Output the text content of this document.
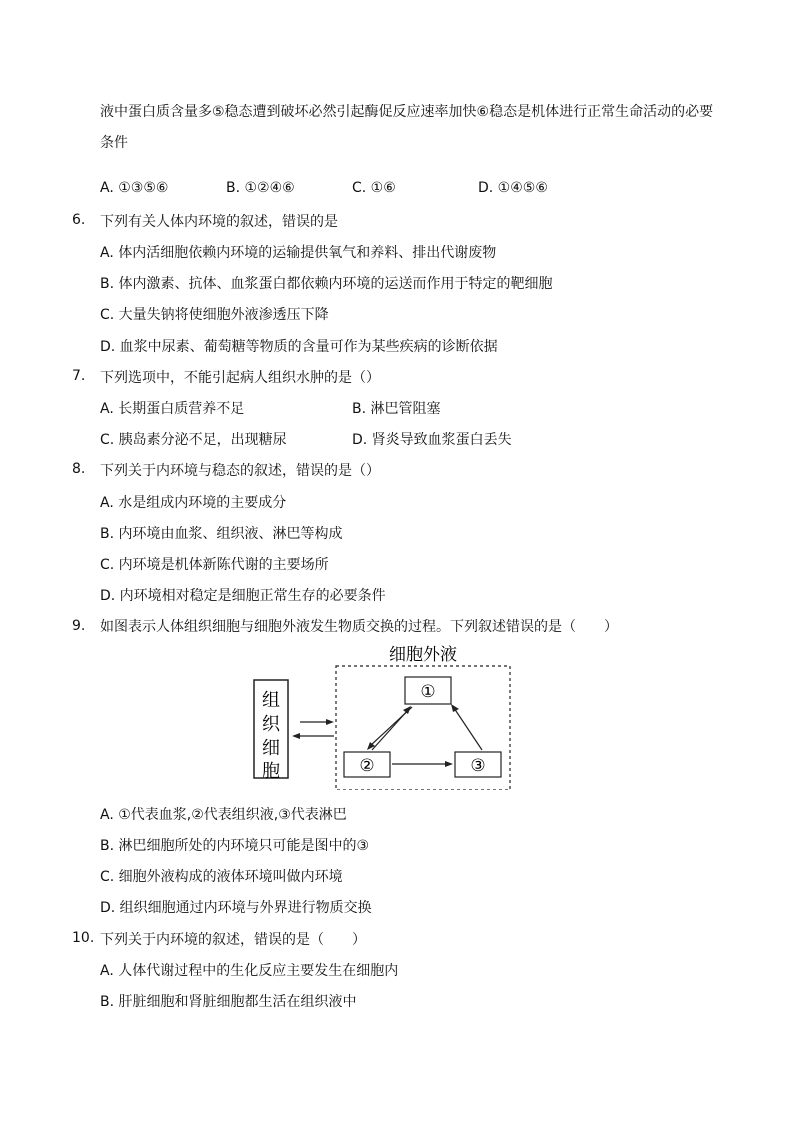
液中蛋白质含量多⑤稳态遭到破坏必然引起酶促反应速率加快⑥稳态是机体进行正常生命活动的必要
条件
A. ①③⑤⑥	B. ①②④⑥	C. ①⑥	D. ①④⑤⑥
6. 下列有关人体内环境的叙述，错误的是
A. 体内活细胞依赖内环境的运输提供氧气和养料、排出代谢废物
B. 体内激素、抗体、血浆蛋白都依赖内环境的运送而作用于特定的靶细胞
C. 大量失钠将使细胞外液渗透压下降
D. 血浆中尿素、葡萄糖等物质的含量可作为某些疾病的诊断依据
7. 下列选项中，不能引起病人组织水肿的是（）
A. 长期蛋白质营养不足	B. 淋巴管阻塞
C. 胰岛素分泌不足，出现糖尿	D. 肾炎导致血浆蛋白丢失
8. 下列关于内环境与稳态的叙述，错误的是（）
A. 水是组成内环境的主要成分
B. 内环境由血浆、组织液、淋巴等构成
C. 内环境是机体新陈代谢的主要场所
D. 内环境相对稳定是细胞正常生存的必要条件
9. 如图表示人体组织细胞与细胞外液发生物质交换的过程。下列叙述错误的是（　　）
细胞外液
组
织
细
胞
①
②	③
A. ①代表血浆,②代表组织液,③代表淋巴
B. 淋巴细胞所处的内环境只可能是图中的③
C. 细胞外液构成的液体环境叫做内环境
D. 组织细胞通过内环境与外界进行物质交换
10. 下列关于内环境的叙述，错误的是（　　）
A. 人体代谢过程中的生化反应主要发生在细胞内
B. 肝脏细胞和肾脏细胞都生活在组织液中
